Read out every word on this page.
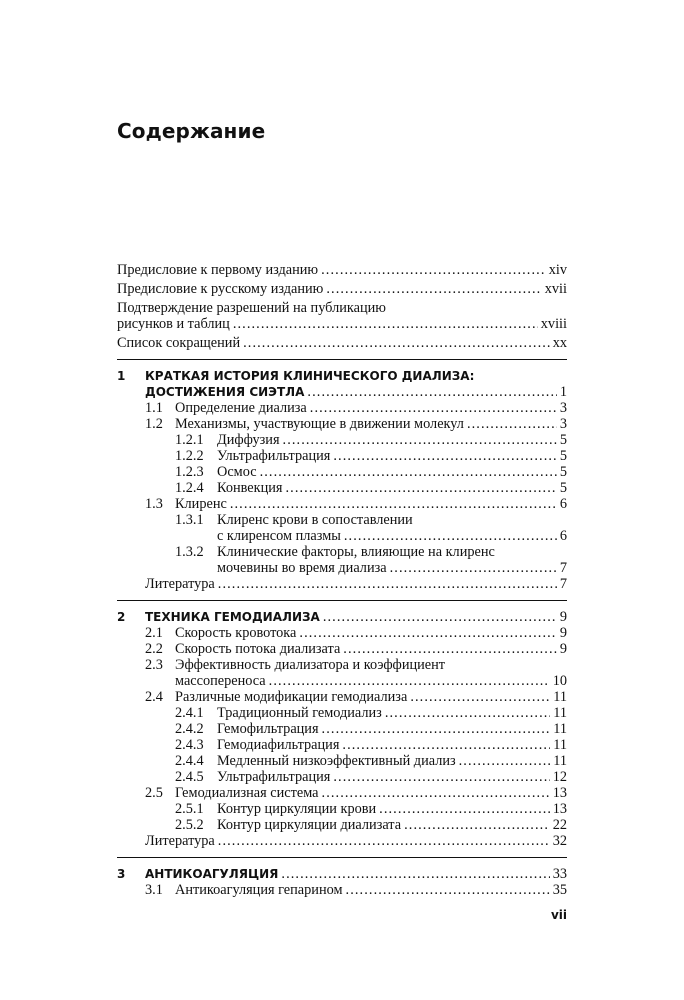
Содержание
Предисловие к первому изданию .....	xiv
Предисловие к русскому изданию .....	xvii
Подтверждение разрешений на публикацию
рисунков и таблиц .....	xviii
Список сокращений .....	xx
1 КРАТКАЯ ИСТОРИЯ КЛИНИЧЕСКОГО ДИАЛИЗА:
ДОСТИЖЕНИЯ СИЭТЛА .....	1
1.1 Определение диализа .....	3
1.2 Механизмы, участвующие в движении молекул .....	3
1.2.1 Диффузия .....	5
1.2.2 Ультрафильтрация .....	5
1.2.3 Осмос .....	5
1.2.4 Конвекция .....	5
1.3 Клиренс .....	6
1.3.1 Клиренс крови в сопоставлении
с клиренсом плазмы .....	6
1.3.2 Клинические факторы, влияющие на клиренс
мочевины во время диализа .....	7
Литература .....	7
2 ТЕХНИКА ГЕМОДИАЛИЗА .....	9
2.1 Скорость кровотока .....	9
2.2 Скорость потока диализата .....	9
2.3 Эффективность диализатора и коэффициент
массопереноса .....	10
2.4 Различные модификации гемодиализа .....	11
2.4.1 Традиционный гемодиализ .....	11
2.4.2 Гемофильтрация .....	11
2.4.3 Гемодиафильтрация .....	11
2.4.4 Медленный низкоэффективный диализ .....	11
2.4.5 Ультрафильтрация .....	12
2.5 Гемодиализная система .....	13
2.5.1 Контур циркуляции крови .....	13
2.5.2 Контур циркуляции диализата .....	22
Литература .....	32
3 АНТИКОАГУЛЯЦИЯ .....	33
3.1 Антикоагуляция гепарином .....	35
vii
